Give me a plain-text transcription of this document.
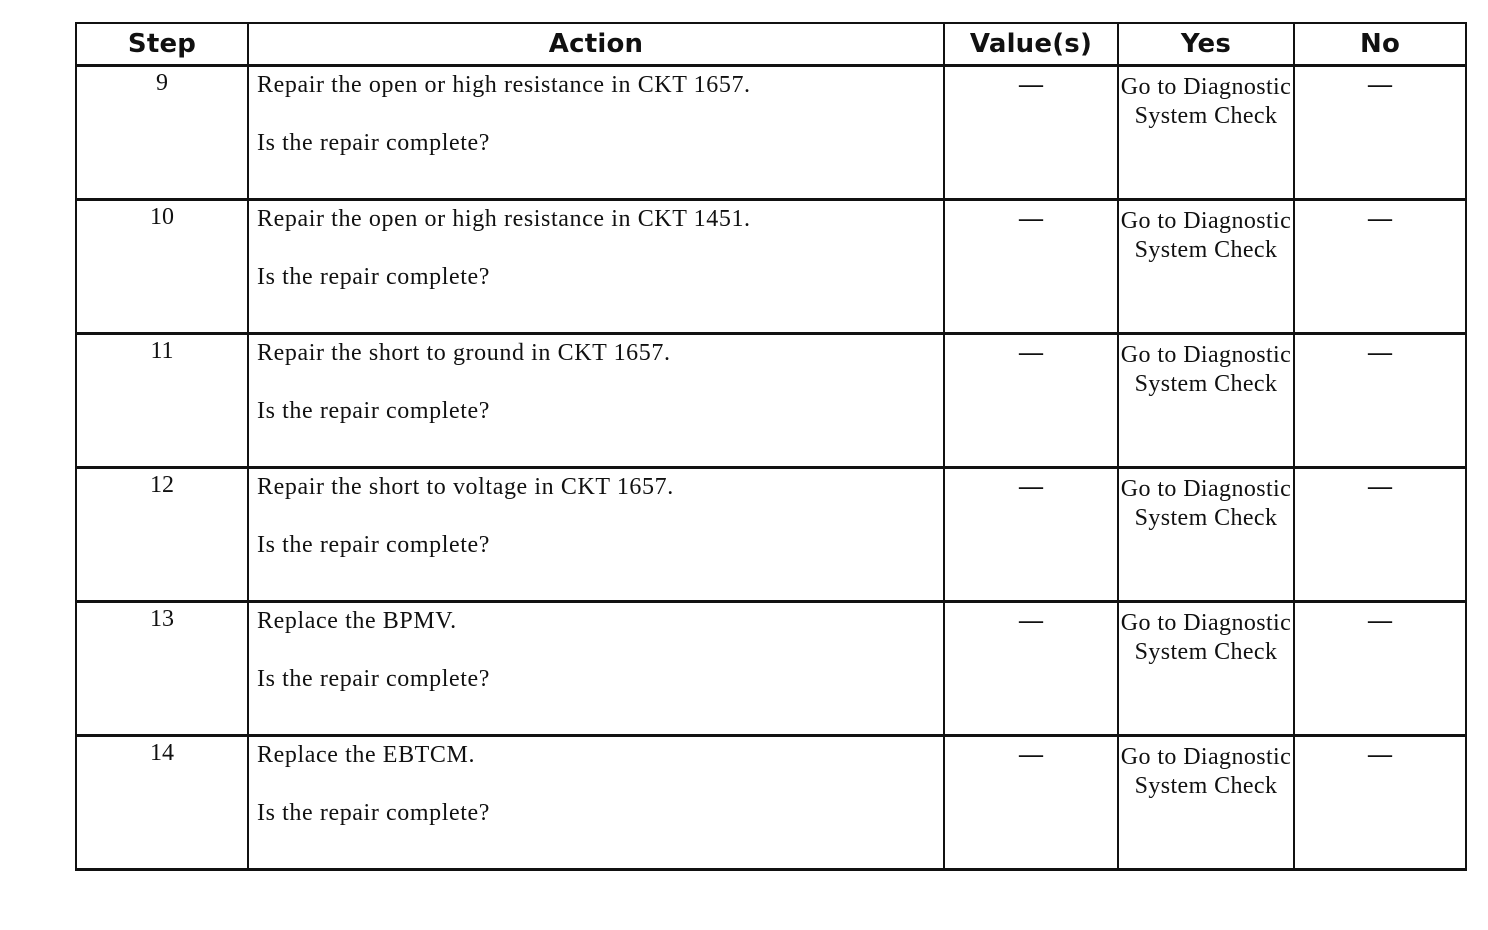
Step	Action	Value(s)	Yes	No
9	Repair the open or high resistance in CKT 1657.
Is the repair complete?	—	Go to Diagnostic System Check	—
10	Repair the open or high resistance in CKT 1451.
Is the repair complete?	—	Go to Diagnostic System Check	—
11	Repair the short to ground in CKT 1657.
Is the repair complete?	—	Go to Diagnostic System Check	—
12	Repair the short to voltage in CKT 1657.
Is the repair complete?	—	Go to Diagnostic System Check	—
13	Replace the BPMV.
Is the repair complete?	—	Go to Diagnostic System Check	—
14	Replace the EBTCM.
Is the repair complete?	—	Go to Diagnostic System Check	—
